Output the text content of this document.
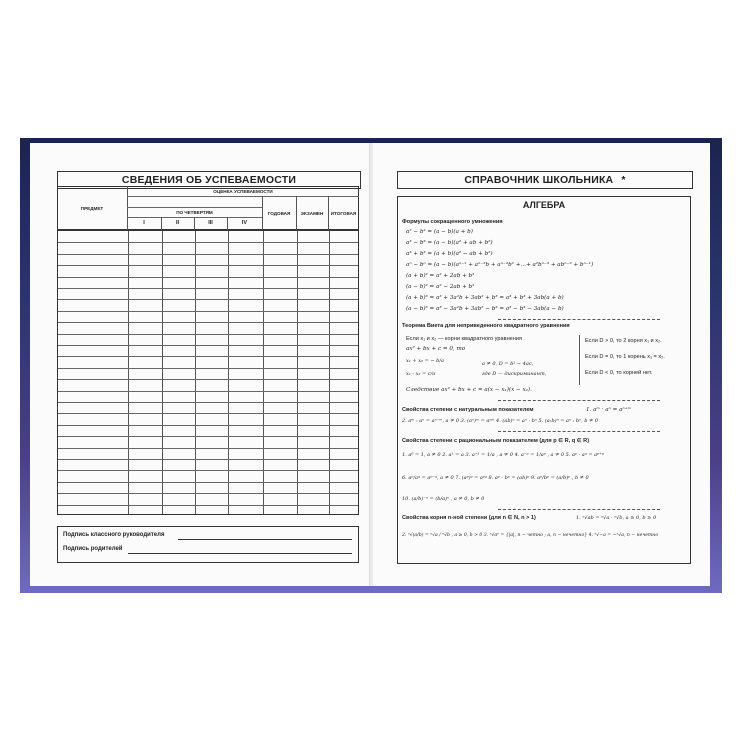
СВЕДЕНИЯ ОБ УСПЕВАЕМОСТИ
ПРЕДМЕТ
ОЦЕНКА УСПЕВАЕМОСТИ
ПО ЧЕТВЕРТЯМ
I	II	III	IV
ГОДОВАЯ	ЭКЗАМЕН	ИТОГОВАЯ
Подпись классного руководителя
Подпись родителей
СПРАВОЧНИК ШКОЛЬНИКА *
АЛГЕБРА
Формулы сокращенного умножения
a² − b² = (a − b)(a + b)
a³ − b³ = (a − b)(a² + ab + b²)
a³ + b³ = (a + b)(a² − ab + b²)
aⁿ − bⁿ = (a − b)(aⁿ⁻¹ + aⁿ⁻²b + aⁿ⁻³b² +…+ a²bⁿ⁻³ + abⁿ⁻² + bⁿ⁻¹)
(a + b)² = a² + 2ab + b²
(a − b)² = a² − 2ab + b²
(a + b)³ = a³ + 3a²b + 3ab² + b³ = a³ + b³ + 3ab(a + b)
(a − b)³ = a³ − 3a²b + 3ab² − b³ = a³ − b³ − 3ab(a − b)
Теорема Виета для неприведенного квадратного уравнения
Если x₁ и x₂ — корни квадратного уравнения
ax² + bx + c = 0, то
x₁ + x₂ = − b/a
x₁ · x₂ = c/a
a ≠ 0, D = b² − 4ac,
где D — дискриминант,
Следствие ax² + bx + c = a(x − x₁)(x − x₂).
Если D > 0, то 2 корня x₁ и x₂.
Если D = 0, то 1 корень x₁ = x₂.
Если D < 0, то корней нет.
Свойства степени с натуральным показателем	1. aᵐ · aⁿ = aⁿ⁺ᵐ
2. aᵐ : aⁿ = aⁿ⁻ᵐ, a ≠ 0 3. (aⁿ)ᵐ = aⁿᵐ 4. (ab)ⁿ = aⁿ · bⁿ 5. (a:b)ⁿ = aⁿ : bⁿ, b ≠ 0
Свойства степени с рациональным показателем (для p ∈ R, q ∈ R)
1. a⁰ = 1, a ≠ 0 2. a¹ = a 3. a⁻¹ = 1/a , a ≠ 0 4. a⁻ᵖ = 1/aᵖ , a ≠ 0 5. aᵖ · aᵍ = aᵖ⁺ᵍ
6. aᵖ/aᵍ = aᵖ⁻ᵍ, a ≠ 0 7. (aᵖ)ᵍ = aᵖᵍ 8. aᵖ · bᵖ = (ab)ᵖ 9. aᵖ/bᵖ = (a/b)ᵖ , b ≠ 0
10. (a/b)⁻ⁿ = (b/a)ⁿ , a ≠ 0, b ≠ 0
Свойства корня n-ной степени (для n ∈ N, n > 1)	1. ⁿ√ab = ⁿ√a · ⁿ√b, a ≥ 0, b ≥ 0
2. ⁿ√(a/b) = ⁿ√a / ⁿ√b , a ≥ 0, b > 0 3. ⁿ√aⁿ = {|a|, n − четно ; a, n − нечетно} 4. ⁿ√−a = −ⁿ√a, n − нечетно
